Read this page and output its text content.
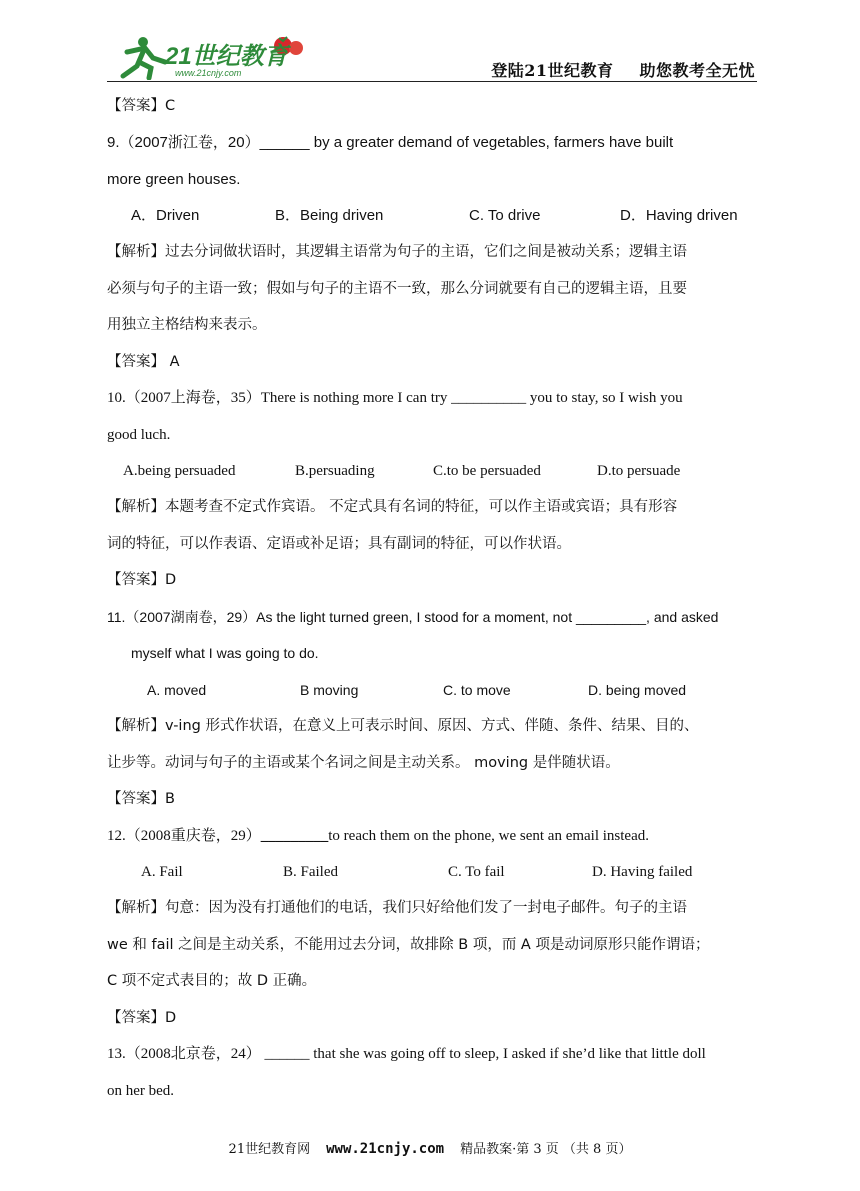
21世纪教育
www.21cnjy.com	登陆21世纪教育 助您教考全无忧
【答案】C
9.（2007浙江卷，20）______ by a greater demand of vegetables, farmers have built
more green houses.
A．Driven	B．Being driven	C. To drive	D．Having driven
【解析】过去分词做状语时，其逻辑主语常为句子的主语，它们之间是被动关系；逻辑主语
必须与句子的主语一致；假如与句子的主语不一致，那么分词就要有自己的逻辑主语，且要
用独立主格结构来表示。
【答案】 A
10.（2007上海卷，35）There is nothing more I can try __________ you to stay, so I wish you
good luch.
A.being persuaded	B.persuading	C.to be persuaded	D.to persuade
【解析】本题考查不定式作宾语。 不定式具有名词的特征，可以作主语或宾语；具有形容
词的特征，可以作表语、定语或补足语；具有副词的特征，可以作状语。
【答案】D
11.（2007湖南卷，29）As the light turned green, I stood for a moment, not _________, and asked
myself what I was going to do.
A. moved	B moving	C. to move	D. being moved
【解析】v-ing 形式作状语，在意义上可表示时间、原因、方式、伴随、条件、结果、目的、
让步等。动词与句子的主语或某个名词之间是主动关系。 moving 是伴随状语。
【答案】B
12.（2008重庆卷，29）_________to reach them on the phone, we sent an email instead.
A. Fail	B. Failed	C. To fail	D. Having failed
【解析】句意：因为没有打通他们的电话，我们只好给他们发了一封电子邮件。句子的主语
we 和 fail 之间是主动关系，不能用过去分词，故排除 B 项，而 A 项是动词原形只能作谓语；
C 项不定式表目的；故 D 正确。
【答案】D
13.（2008北京卷，24） ______ that she was going off to sleep, I asked if she’d like that little doll
on her bed.
21世纪教育网 www.21cnjy.com 精品教案·第 3 页 （共 8 页）
